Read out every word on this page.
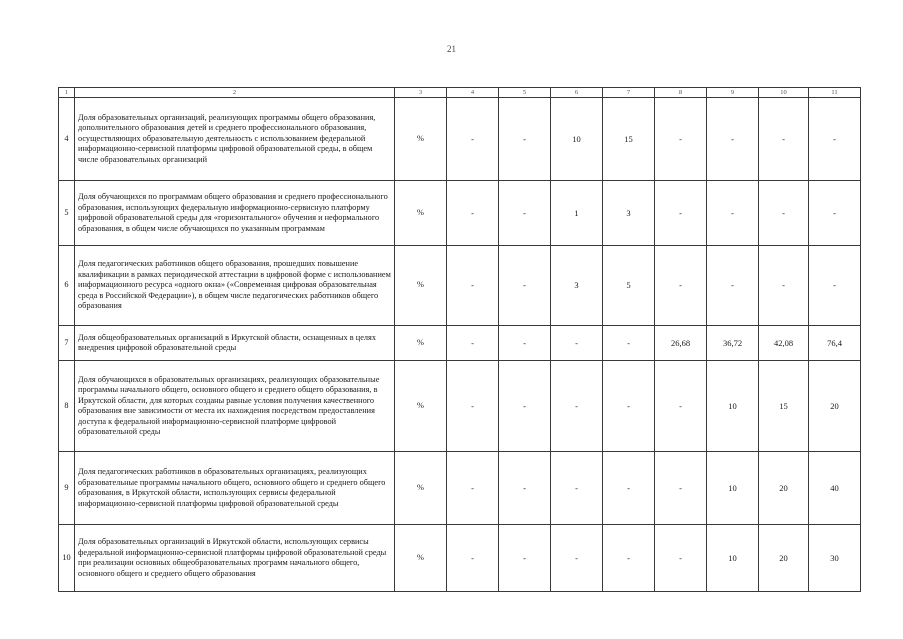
21
1	2	3	4	5	6	7	8	9	10	11
4	Доля образовательных организаций, реализующих программы общего образования, дополнительного образования детей и среднего профессионального образования, осуществляющих образовательную деятельность с использованием федеральной информационно-сервисной платформы цифровой образовательной среды, в общем числе образовательных организаций	%	-	-	10	15	-	-	-	-
5	Доля обучающихся по программам общего образования и среднего профессионального образования, использующих федеральную информационно-сервисную платформу цифровой образовательной среды для «горизонтального» обучения и неформального образования, в общем числе обучающихся по указанным программам	%	-	-	1	3	-	-	-	-
6	Доля педагогических работников общего образования, прошедших повышение квалификации в рамках периодической аттестации в цифровой форме с использованием информационного ресурса «одного окна» («Современная цифровая образовательная среда в Российской Федерации»), в общем числе педагогических работников общего образования	%	-	-	3	5	-	-	-	-
7	Доля общеобразовательных организаций в Иркутской области, оснащенных в целях внедрения цифровой образовательной среды	%	-	-	-	-	26,68	36,72	42,08	76,4
8	Доля обучающихся в образовательных организациях, реализующих образовательные программы начального общего, основного общего и среднего общего образования, в Иркутской области, для которых созданы равные условия получения качественного образования вне зависимости от места их нахождения посредством предоставления доступа к федеральной информационно-сервисной платформе цифровой образовательной среды	%	-	-	-	-	-	10	15	20
9	Доля педагогических работников в образовательных организациях, реализующих образовательные программы начального общего, основного общего и среднего общего образования, в Иркутской области, использующих сервисы федеральной информационно-сервисной платформы цифровой образовательной среды	%	-	-	-	-	-	10	20	40
10	Доля образовательных организаций в Иркутской области, использующих сервисы федеральной информационно-сервисной платформы цифровой образовательной среды при реализации основных общеобразовательных программ начального общего, основного общего и среднего общего образования	%	-	-	-	-	-	10	20	30
